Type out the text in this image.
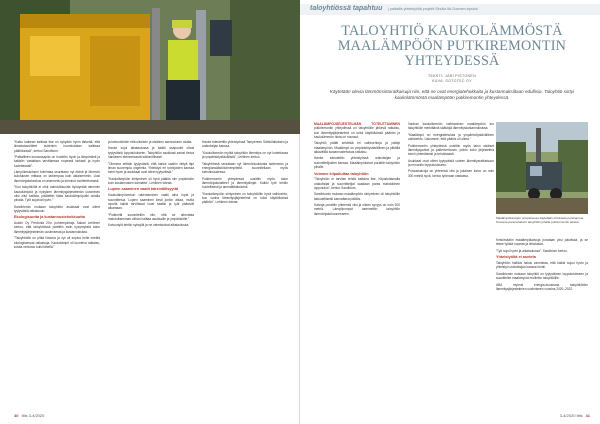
”Kaiku kaikean kaikista itse on nykyään hyvin tärkeää, että ilmastotavoitteet kuitenkin huomioidaan kaikissa päätöksissä”, kertoo Sandblom.

”Paikallinen kunnossapito on hoidettu hyvin ja lämpimästi ja kaikkiin vastataan tarvittaessa nopeasti tarkasti ja hyvin luotettavasti”.

Lämpökeskuksen toimintaa seurataan nyt etänä ja lämmön kulutuksen mittaus on tarkempaa kuin aikaisemmin. Uusi lämmönjakokeskus on asennettu ja toiminut moitteettomasti.

”Kun taloyhtiöllä ei ollut mahdollisuutta hyödyntää aiemmin kaukolämpöä ja nykyisen lämmitysjärjestelmän uusiminen olisi ollut kallista, päätettiin tilata kaukolämpöputki omalla pihalla. Työt sujuivat hyvin.”

Sandblomin mukaan taloyhtiön asukkaat ovat olleet tyytyväisiä ratkaisuun.

Ekologisuutta ja kustannustehokkuutta

Austin Oy Perdonia 20:n puheenjohtaja Sakari Lehtinen kertoo, että taloyhtiössä pidettiin esiin kysymyksiä talon lämmitysjärjestelmän uusimisesta ja kustannuksista.

”Taloyhtiöllä on pitkä historia ja nyt oli sopiva hetki miettiä ekologisempia ratkaisuja. Kaukolämpö oli luonteva ratkaisu, koska verkosto kulki lähellä.”

ja kaivuutöiden että ulkoisen ja sisäisen asennuksen osalta.

Hanke sujui aikataulussa ja kaikki osapuolet olivat tyytyväisiä lopputulokseen. Taloyhtiön asukkaat saivat tietoa hankkeen etenemisestä säännöllisesti.

”Olemme erittäin tyytyväisiä, että hanke saatiin vietyä läpi ilman suurempia ongelmia. Yhteistyö eri toimijoiden kanssa toimi hyvin ja asukkaat ovat olleet tyytyväisiä.”

”Kaukolämpöön siirtyminen oli hyvä päätös niin ympäristön kuin kustannusten kannalta”, Lehtinen toteaa.

Lupien saaminen vaatii kärsivällisyyttä

Kaukolämpöverkon rakentaminen vaatii aina lupia ja suunnittelua. Lupien saaminen kesti jonkin aikaa, mutta lopulta kaikki tarvittavat luvat saatiin ja työt pääsivät alkamaan.

”Putkireitti suunniteltiin niin, että se aiheuttaa mahdollisimman vähän haittaa asukkaille ja ympäristölle.”

Kaivuutyöt tehtiin syksyllä ja ne valmistuivat aikataulussa.

Hanke toteutettiin yhteistyössä Tampereen Sähkölaitoksen ja urakoitsijan kanssa.

”Kaukolämmön myötä taloyhtiön lämmitys on nyt luotettavaa ja ympäristöystävällistä”, Lehtinen kertoo.

Taloyhtiössä seurataan nyt lämmönkulutusta tarkemmin ja energiansäästötoimenpiteitä suunnitellaan myös tulevaisuudessa.

Putkiremontin yhteydessä uusittiin myös talon lämmönjakolaitteet ja lämmityslinjat. Kaikki työt tehtiin huolellisesti ja ammattitaitoisesti.

”Kaukolämpöön siirtyminen on taloyhtiöille hyvä vaihtoehto, kun vanha lämmitysjärjestelmä on tullut käyttöikänsä päähän”, Lehtinen toteaa.

40 Iltis 3-4/2020
taloyhtiössä tapahtuu | paikallis yhteistyöltä projekti Sinulla Itä-Suomen lopuksi
TALOYHTIÖ KAUKOLÄMMÖSTÄ MAALÄMPÖÖN PUTKIREMONTIN YHTEYDESSÄ
TEKSTI: JARI PISTONEN
KUVA: SOTOTEC OY
Käytetään olevia lämmönsiirtoratkaisuja niin, että ne ovat energiatehokkaita ja kustannuksiltaan edullisia. Taloyhtiö siirtyi kaukolämmöstä maalämpöön putkiremontin yhteydessä.

MAALÄMPÖJÄRJESTELMÄN TOTEUTTAMINEN putkiremontin yhteydessä on taloyhtiölle järkevä ratkaisu, kun lämmitysjärjestelmä on tullut käyttöikänsä päähän ja kaukolämmön hinta on noussut.

Taloyhtiö päätti selvittää eri vaihtoehtoja ja päätyi maalämpöön. Maalämpö on ympäristöystävällinen ja pitkällä aikavälillä kustannustehokas ratkaisu.

Hanke toteutettiin yhteistyössä urakoitsijan ja suunnittelijoiden kanssa. Maalämpökaivot porattiin taloyhtiön pihalle.

Voimme kilpailuttaa taloyhtiön

”Taloyhtiön ei tarvitse tehdä kaikkea itse. Kilpailuttamalla urakoitsijat ja suunnittelijat saadaan paras mahdollinen lopputulos”, kertoo Sandblom.

Sandblomin mukaan maalämpöön siirtyminen oli taloyhtiölle taloudellisesti kannattava päätös.

Kaivoja porattiin yhteensä viisi ja niiden syvyys on noin 300 metriä. Lämpöpumput asennettiin taloyhtiön lämmönjakohuoneeseen.

Vanhan kaukolämmön vaihtaminen maalämpöön tuo taloyhtiölle merkittäviä säästöjä lämmityskustannuksissa.

”Maalämpö on energiatehokas ja ympäristöystävällinen vaihtoehto. Uskomme, että päätös oli oikea.”

Putkiremontin yhteydessä uusittiin myös talon sisäiset lämmitysputket ja patteriverkosto, jolloin koko järjestelmä toimii yhtenäisesti ja tehokkaasti.

Asukkaat ovat olleet tyytyväisiä uuteen lämmitysratkaisuun ja remontin lopputulokseen.

Porauskaivoja on yhteensä viisi ja jokainen kaivo on noin 300 metriä syvä, kertoo työmaan vastaava.

Maalämpökaivojen porauksessa käytetään tehokasta poravaunua. Kuvassa porauskalusto taloyhtiön pihalla putkiremontin aikana.

Keskimäärin maalämpökaivoja porataan yksi päivässä, ja se tekee työstä nopeaa ja tehokasta.

”Työ sujui hyvin ja aikataulussa”, Sandblom kertoo.

Yhteistyöltä ei aseteta

Taloyhtiön hallitus halusi varmistaa, että kaikki sujuu hyvin ja yhteistyö urakoitsijan kanssa toimii.

Sandblomin mukaan taloyhtiö on tyytyväinen lopputulokseen ja suosittelee maalämpöä muillekin taloyhtiöille.

ABA myönsi energia-avustusta taloyhtiöiden lämmitysjärjestelmien uusimiseen vuosina 2020–2022.

3-4/2020 Iltis 41
